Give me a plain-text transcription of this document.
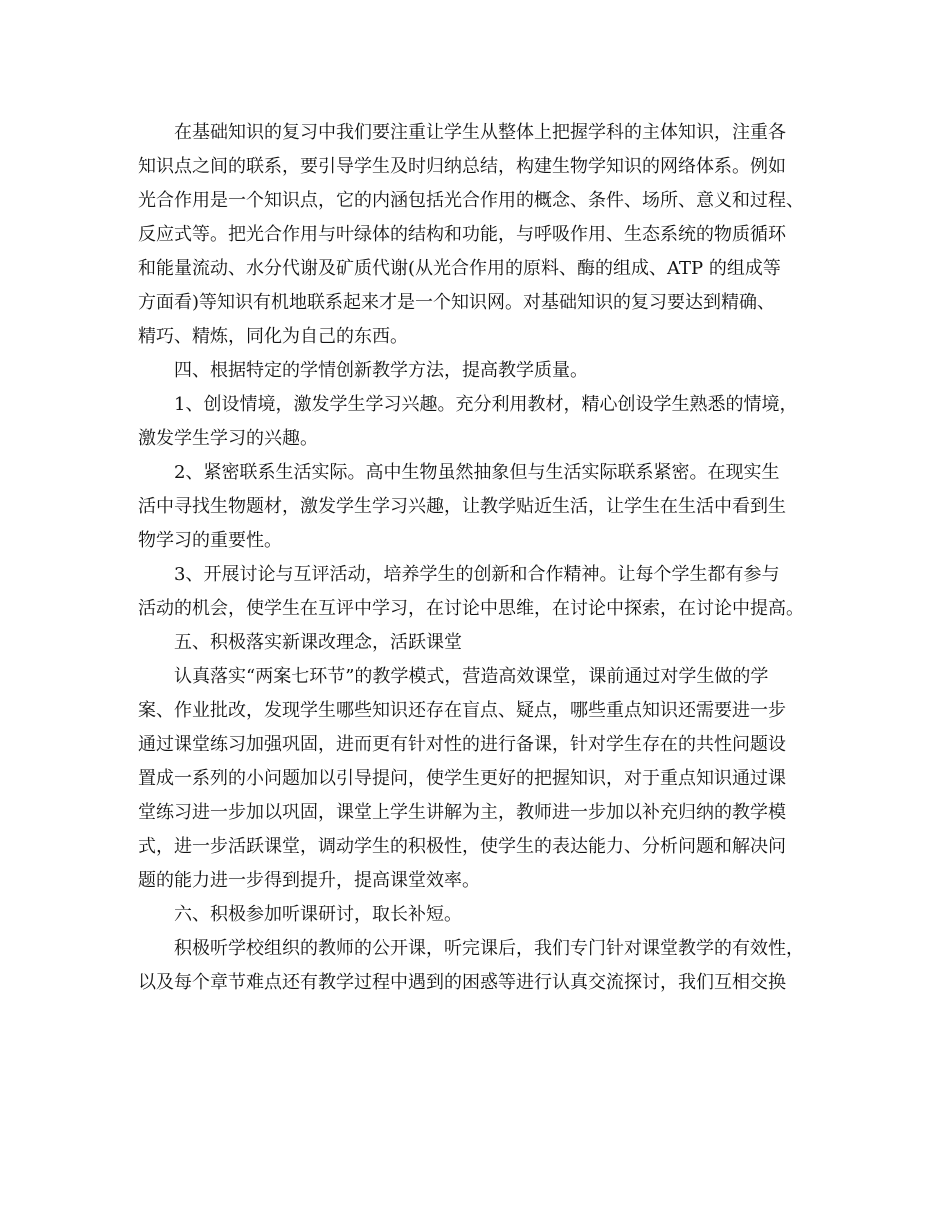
在基础知识的复习中我们要注重让学生从整体上把握学科的主体知识，注重各
知识点之间的联系，要引导学生及时归纳总结，构建生物学知识的网络体系。例如
光合作用是一个知识点，它的内涵包括光合作用的概念、条件、场所、意义和过程、
反应式等。把光合作用与叶绿体的结构和功能，与呼吸作用、生态系统的物质循环
和能量流动、水分代谢及矿质代谢(从光合作用的原料、酶的组成、ATP 的组成等
方面看)等知识有机地联系起来才是一个知识网。对基础知识的复习要达到精确、
精巧、精炼，同化为自己的东西。
四、根据特定的学情创新教学方法，提高教学质量。
1、创设情境，激发学生学习兴趣。充分利用教材，精心创设学生熟悉的情境，
激发学生学习的兴趣。
2、紧密联系生活实际。高中生物虽然抽象但与生活实际联系紧密。在现实生
活中寻找生物题材，激发学生学习兴趣，让教学贴近生活，让学生在生活中看到生
物学习的重要性。
3、开展讨论与互评活动，培养学生的创新和合作精神。让每个学生都有参与
活动的机会，使学生在互评中学习，在讨论中思维，在讨论中探索，在讨论中提高。
五、积极落实新课改理念，活跃课堂
认真落实“两案七环节”的教学模式，营造高效课堂，课前通过对学生做的学
案、作业批改，发现学生哪些知识还存在盲点、疑点，哪些重点知识还需要进一步
通过课堂练习加强巩固，进而更有针对性的进行备课，针对学生存在的共性问题设
置成一系列的小问题加以引导提问，使学生更好的把握知识，对于重点知识通过课
堂练习进一步加以巩固，课堂上学生讲解为主，教师进一步加以补充归纳的教学模
式，进一步活跃课堂，调动学生的积极性，使学生的表达能力、分析问题和解决问
题的能力进一步得到提升，提高课堂效率。
六、积极参加听课研讨，取长补短。
积极听学校组织的教师的公开课，听完课后，我们专门针对课堂教学的有效性，
以及每个章节难点还有教学过程中遇到的困惑等进行认真交流探讨，我们互相交换
